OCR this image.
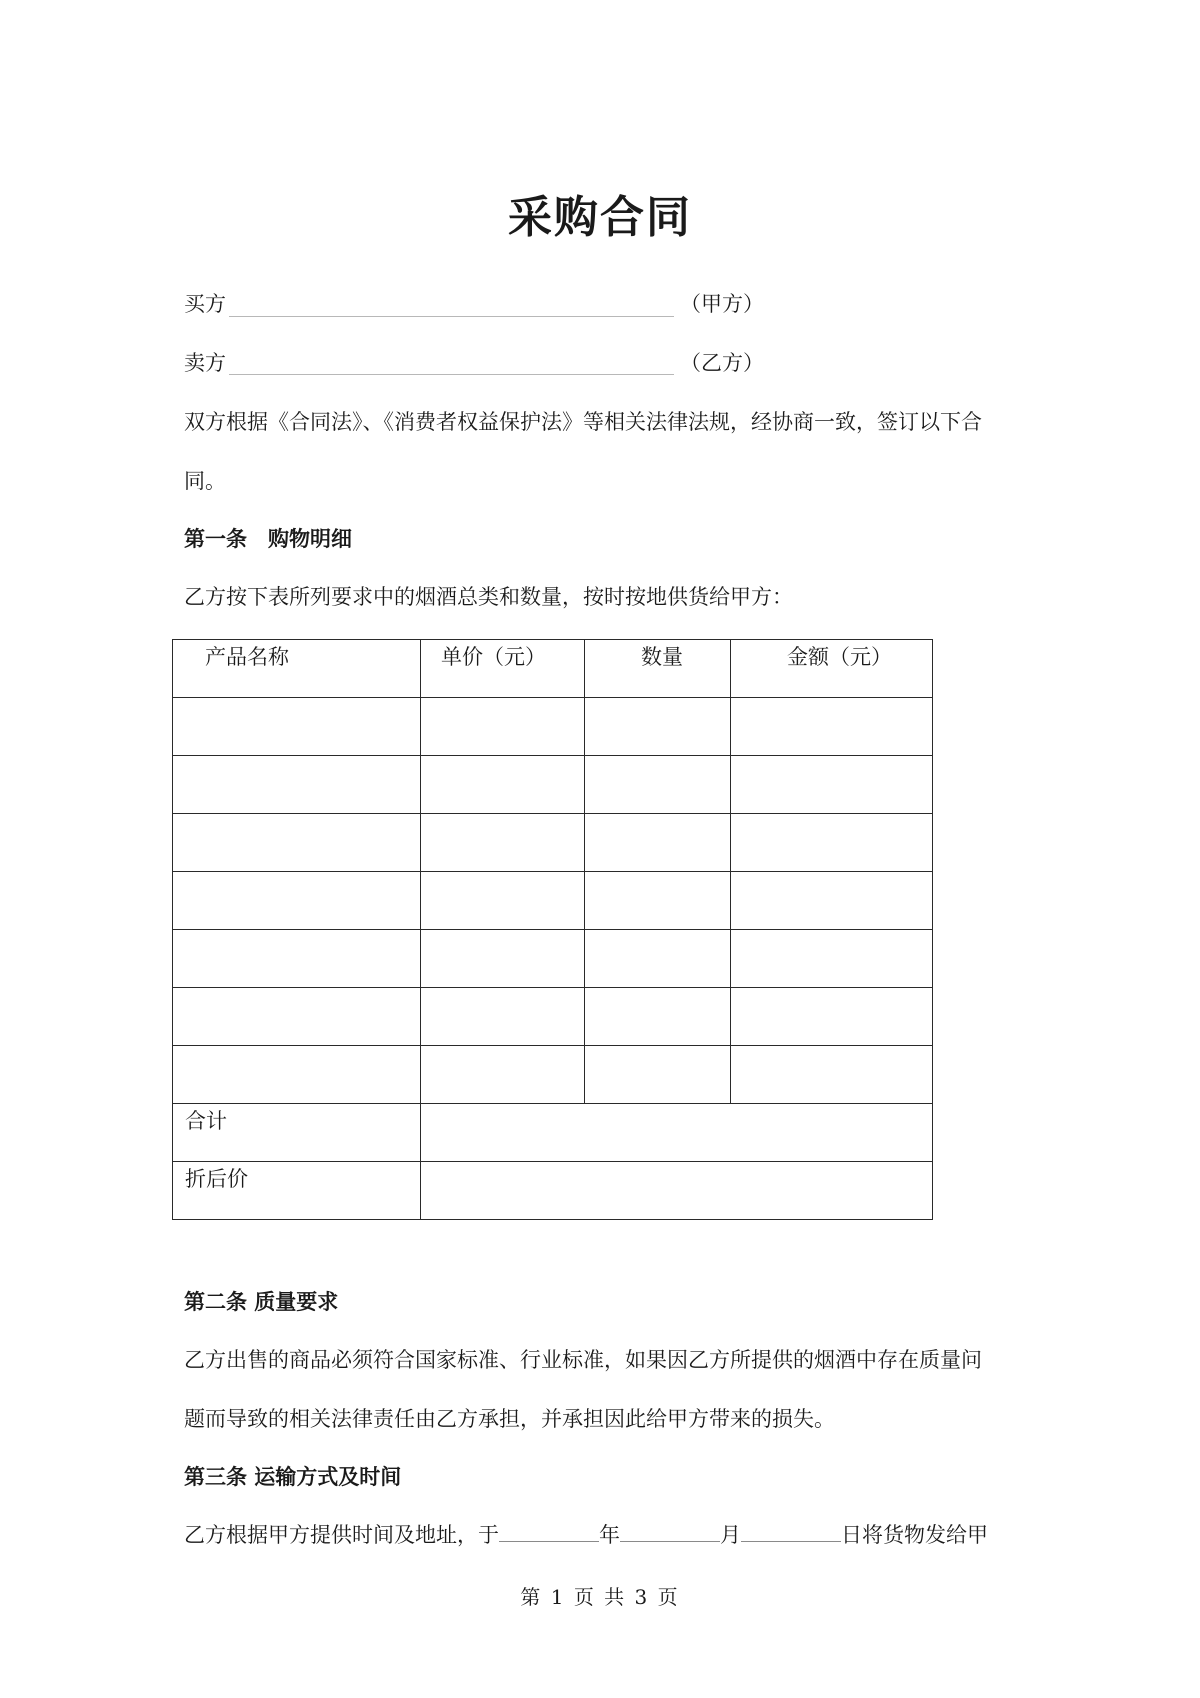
采购合同
买方	（甲方）
卖方	（乙方）
双方根据《合同法》、《消费者权益保护法》等相关法律法规，经协商一致，签订以下合
同。
第一条　购物明细
乙方按下表所列要求中的烟酒总类和数量，按时按地供货给甲方：
产品名称	单价（元）	数量	金额（元）

合计			

折后价			

第二条 质量要求
乙方出售的商品必须符合国家标准、行业标准，如果因乙方所提供的烟酒中存在质量问
题而导致的相关法律责任由乙方承担，并承担因此给甲方带来的损失。
第三条 运输方式及时间
乙方根据甲方提供时间及地址，于	年	月	日将货物发给甲
第 1 页 共 3 页
